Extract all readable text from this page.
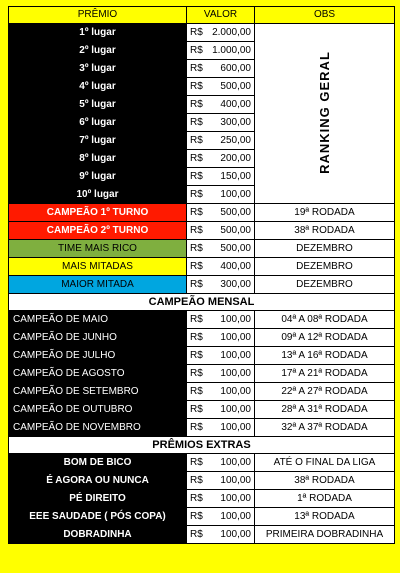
PRÊMIO	VALOR	OBS
1º lugar	R$ 2.000,00	RANKING GERAL
2º lugar	R$ 1.000,00	

3º lugar	R$ 600,00	

4º lugar	R$ 500,00	

5º lugar	R$ 400,00	

6º lugar	R$ 300,00	

7º lugar	R$ 250,00	

8º lugar	R$ 200,00	

9º lugar	R$ 150,00	

10º lugar	R$ 100,00	

CAMPEÃO 1º TURNO	R$ 500,00	19ª RODADA
CAMPEÃO 2º TURNO	R$ 500,00	38ª RODADA
TIME MAIS RICO	R$ 500,00	DEZEMBRO
MAIS MITADAS	R$ 400,00	DEZEMBRO
MAIOR MITADA	R$ 300,00	DEZEMBRO
CAMPEÃO MENSAL		
CAMPEÃO DE MAIO	R$ 100,00	04ª A 08ª RODADA
CAMPEÃO DE JUNHO	R$ 100,00	09ª A 12ª RODADA
CAMPEÃO DE JULHO	R$ 100,00	13ª A 16ª RODADA
CAMPEÃO DE AGOSTO	R$ 100,00	17ª A 21ª RODADA
CAMPEÃO DE SETEMBRO	R$ 100,00	22ª A 27ª RODADA
CAMPEÃO DE OUTUBRO	R$ 100,00	28ª A 31ª RODADA
CAMPEÃO DE NOVEMBRO	R$ 100,00	32ª A 37ª RODADA
PRÊMIOS EXTRAS		
BOM DE BICO	R$ 100,00	ATÉ O FINAL DA LIGA
É AGORA OU NUNCA	R$ 100,00	38ª RODADA
PÉ DIREITO	R$ 100,00	1ª RODADA
EEE SAUDADE ( PÓS COPA)	R$ 100,00	13ª RODADA
DOBRADINHA	R$ 100,00	PRIMEIRA DOBRADINHA
